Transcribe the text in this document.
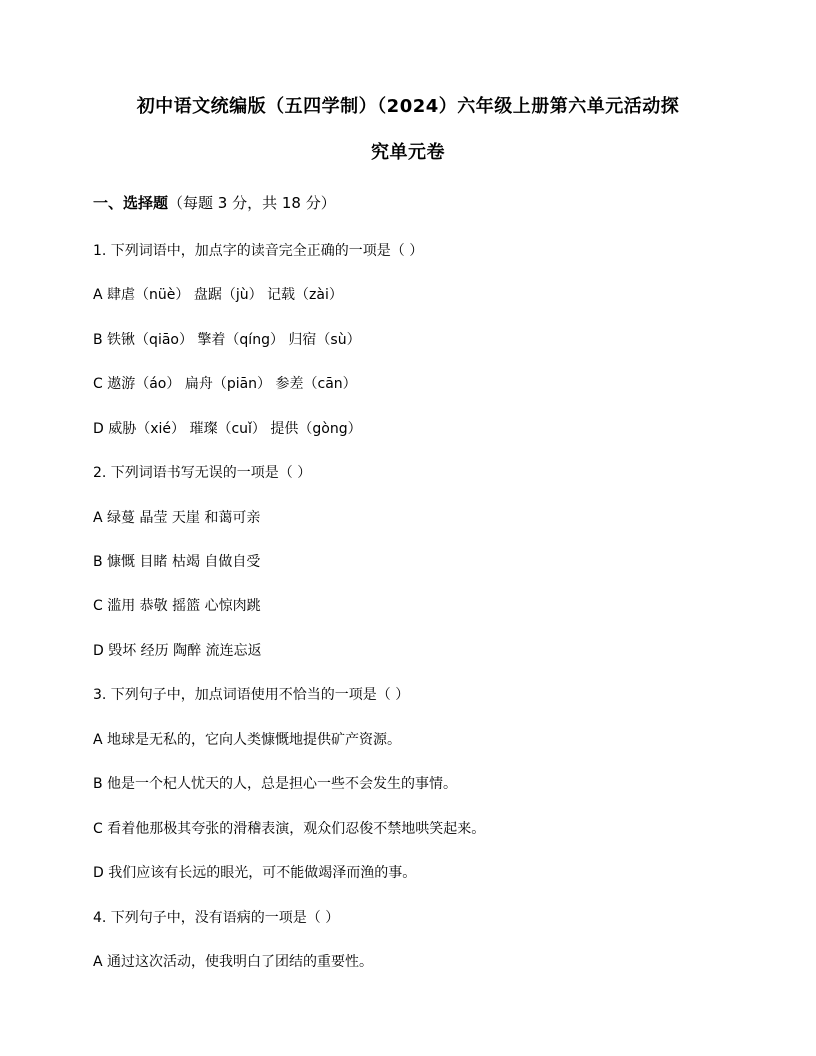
初中语文统编版（五四学制）（2024）六年级上册第六单元活动探
究单元卷
一、选择题（每题 3 分，共 18 分）
1. 下列词语中，加点字的读音完全正确的一项是（ ）
A 肆虐（nüè） 盘踞（jù） 记载（zài）
B 铁锹（qiāo） 擎着（qíng） 归宿（sù）
C 遨游（áo） 扁舟（piān） 参差（cān）
D 威胁（xié） 璀璨（cuǐ） 提供（gòng）
2. 下列词语书写无误的一项是（ ）
A 绿蔓 晶莹 天崖 和蔼可亲
B 慷慨 目睹 枯竭 自做自受
C 滥用 恭敬 摇篮 心惊肉跳
D 毁坏 经历 陶醉 流连忘返
3. 下列句子中，加点词语使用不恰当的一项是（ ）
A 地球是无私的，它向人类慷慨地提供矿产资源。
B 他是一个杞人忧天的人，总是担心一些不会发生的事情。
C 看着他那极其夸张的滑稽表演，观众们忍俊不禁地哄笑起来。
D 我们应该有长远的眼光，可不能做竭泽而渔的事。
4. 下列句子中，没有语病的一项是（ ）
A 通过这次活动，使我明白了团结的重要性。
